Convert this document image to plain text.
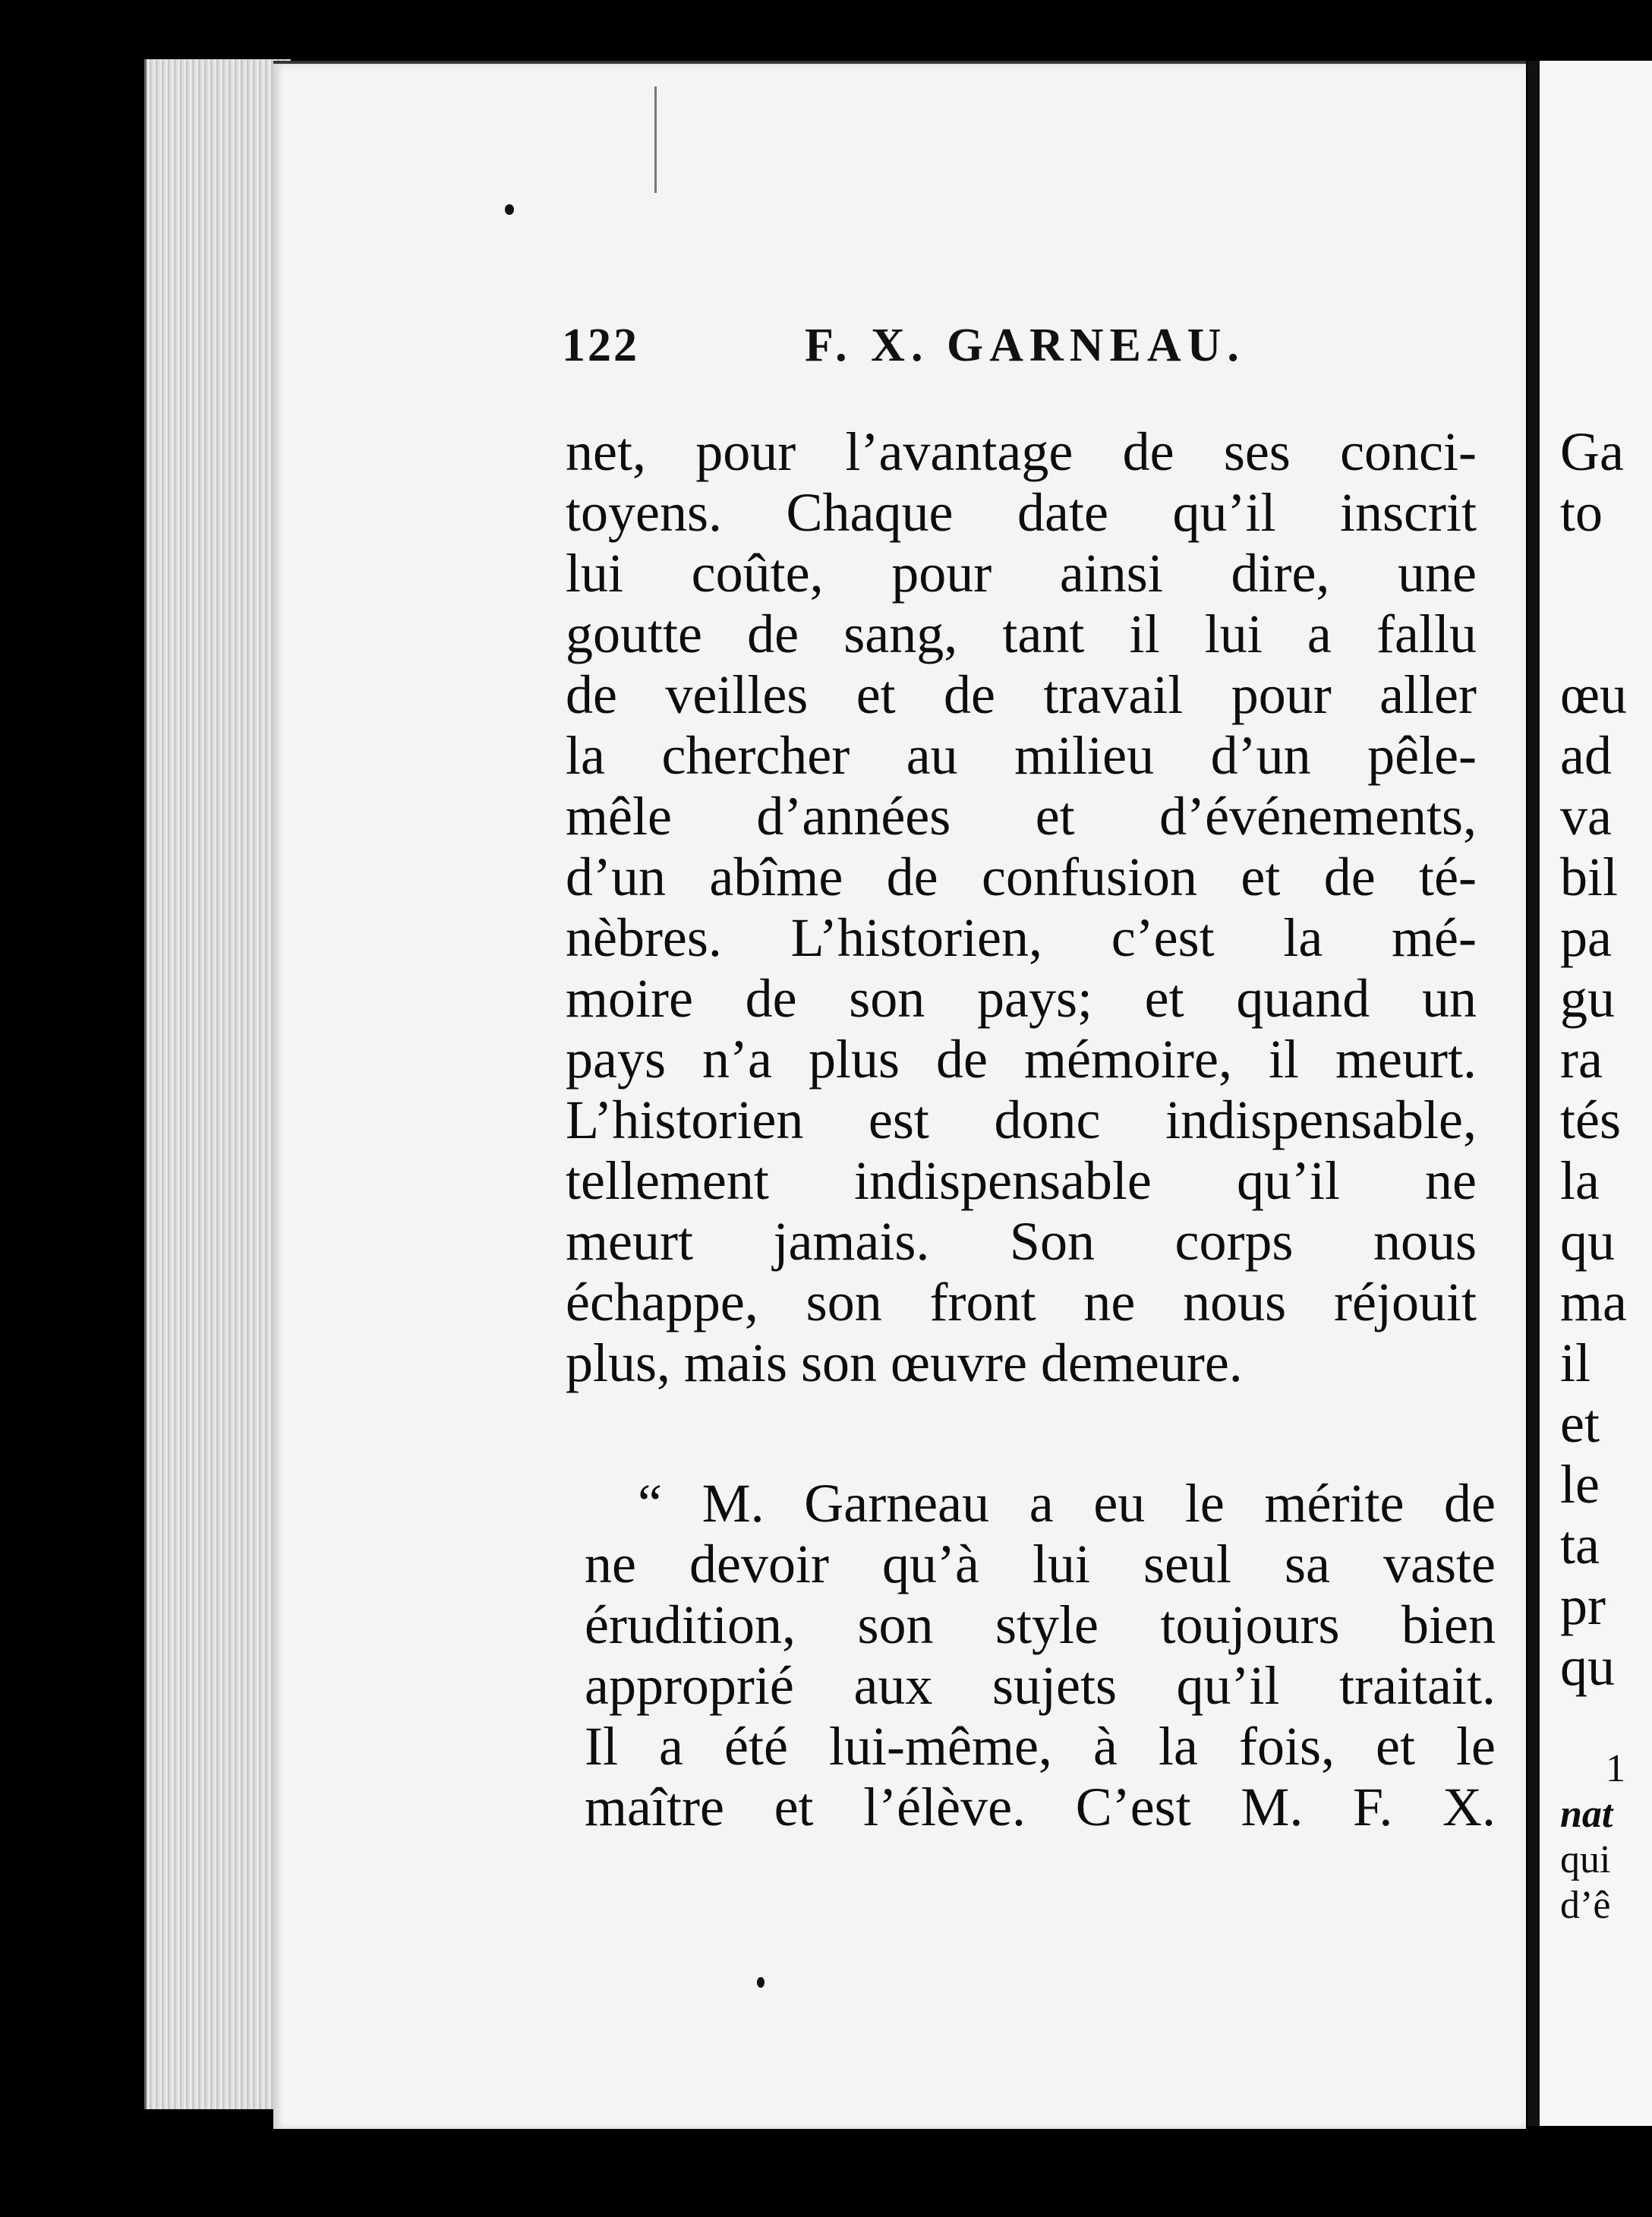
122	F. X. GARNEAU.
net, pour l’avantage de ses conci-
toyens. Chaque date qu’il inscrit
lui coûte, pour ainsi dire, une
goutte de sang, tant il lui a fallu
de veilles et de travail pour aller
la chercher au milieu d’un pêle-
mêle d’années et d’événements,
d’un abîme de confusion et de té-
nèbres. L’historien, c’est la mé-
moire de son pays; et quand un
pays n’a plus de mémoire, il meurt.
L’historien est donc indispensable,
tellement indispensable qu’il ne
meurt jamais. Son corps nous
échappe, son front ne nous réjouit
plus, mais son œuvre demeure.
“ M. Garneau a eu le mérite de
ne devoir qu’à lui seul sa vaste
érudition, son style toujours bien
approprié aux sujets qu’il traitait.
Il a été lui-même, à la fois, et le
maître et l’élève. C’est M. F. X.
Ga
to
œu
ad
va
bil
pa
gu
ra
tés
la
qu
ma
il
et
le
ta
pr
qu
1
nat
qui
d’ê
